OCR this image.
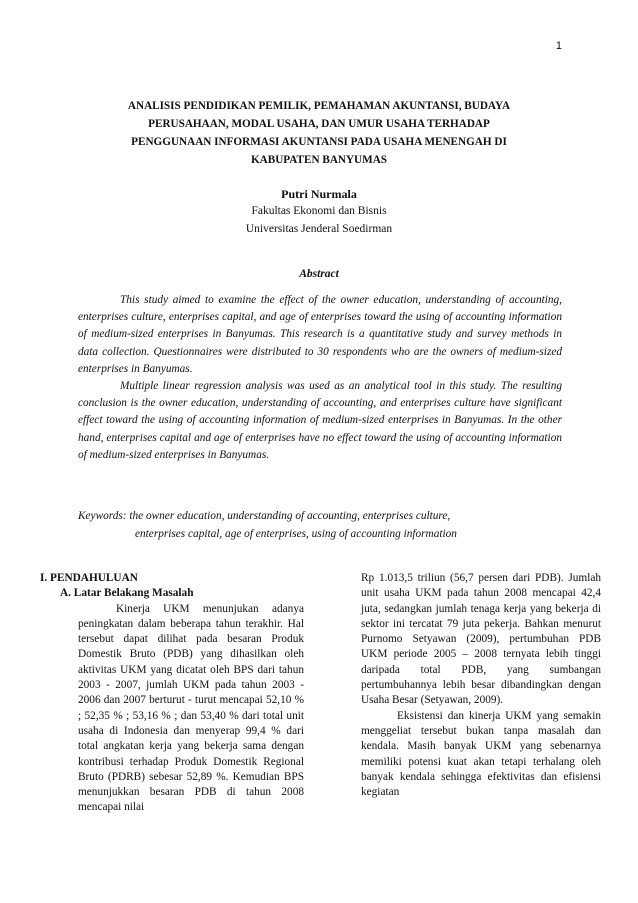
1
ANALISIS PENDIDIKAN PEMILIK, PEMAHAMAN AKUNTANSI, BUDAYA
PERUSAHAAN, MODAL USAHA, DAN UMUR USAHA TERHADAP
PENGGUNAAN INFORMASI AKUNTANSI PADA USAHA MENENGAH DI
KABUPATEN BANYUMAS
Putri Nurmala
Fakultas Ekonomi dan Bisnis
Universitas Jenderal Soedirman
Abstract

This study aimed to examine the effect of the owner education, understanding of accounting, enterprises culture, enterprises capital, and age of enterprises toward the using of accounting information of medium-sized enterprises in Banyumas. This research is a quantitative study and survey methods in data collection. Questionnaires were distributed to 30 respondents who are the owners of medium-sized enterprises in Banyumas.

Multiple linear regression analysis was used as an analytical tool in this study. The resulting conclusion is the owner education, understanding of accounting, and enterprises culture have significant effect toward the using of accounting information of medium-sized enterprises in Banyumas. In the other hand, enterprises capital and age of enterprises have no effect toward the using of accounting information of medium-sized enterprises in Banyumas.

Keywords: the owner education, understanding of accounting, enterprises culture,
enterprises capital, age of enterprises, using of accounting information
I. PENDAHULUAN
A. Latar Belakang Masalah

Kinerja UKM menunjukan adanya peningkatan dalam beberapa tahun terakhir. Hal tersebut dapat dilihat pada besaran Produk Domestik Bruto (PDB) yang dihasilkan oleh aktivitas UKM yang dicatat oleh BPS dari tahun 2003 - 2007, jumlah UKM pada tahun 2003 - 2006 dan 2007 berturut - turut mencapai 52,10 % ; 52,35 % ; 53,16 % ; dan 53,40 % dari total unit usaha di Indonesia dan menyerap 99,4 % dari total angkatan kerja yang bekerja sama dengan kontribusi terhadap Produk Domestik Regional Bruto (PDRB) sebesar 52,89 %. Kemudian BPS menunjukkan besaran PDB di tahun 2008 mencapai nilai

Rp 1.013,5 triliun (56,7 persen dari PDB). Jumlah unit usaha UKM pada tahun 2008 mencapai 42,4 juta, sedangkan jumlah tenaga kerja yang bekerja di sektor ini tercatat 79 juta pekerja. Bahkan menurut Purnomo Setyawan (2009), pertumbuhan PDB UKM periode 2005 – 2008 ternyata lebih tinggi daripada total PDB, yang sumbangan pertumbuhannya lebih besar dibandingkan dengan Usaha Besar (Setyawan, 2009).

Eksistensi dan kinerja UKM yang semakin menggeliat tersebut bukan tanpa masalah dan kendala. Masih banyak UKM yang sebenarnya memiliki potensi kuat akan tetapi terhalang oleh banyak kendala sehingga efektivitas dan efisiensi kegiatan
